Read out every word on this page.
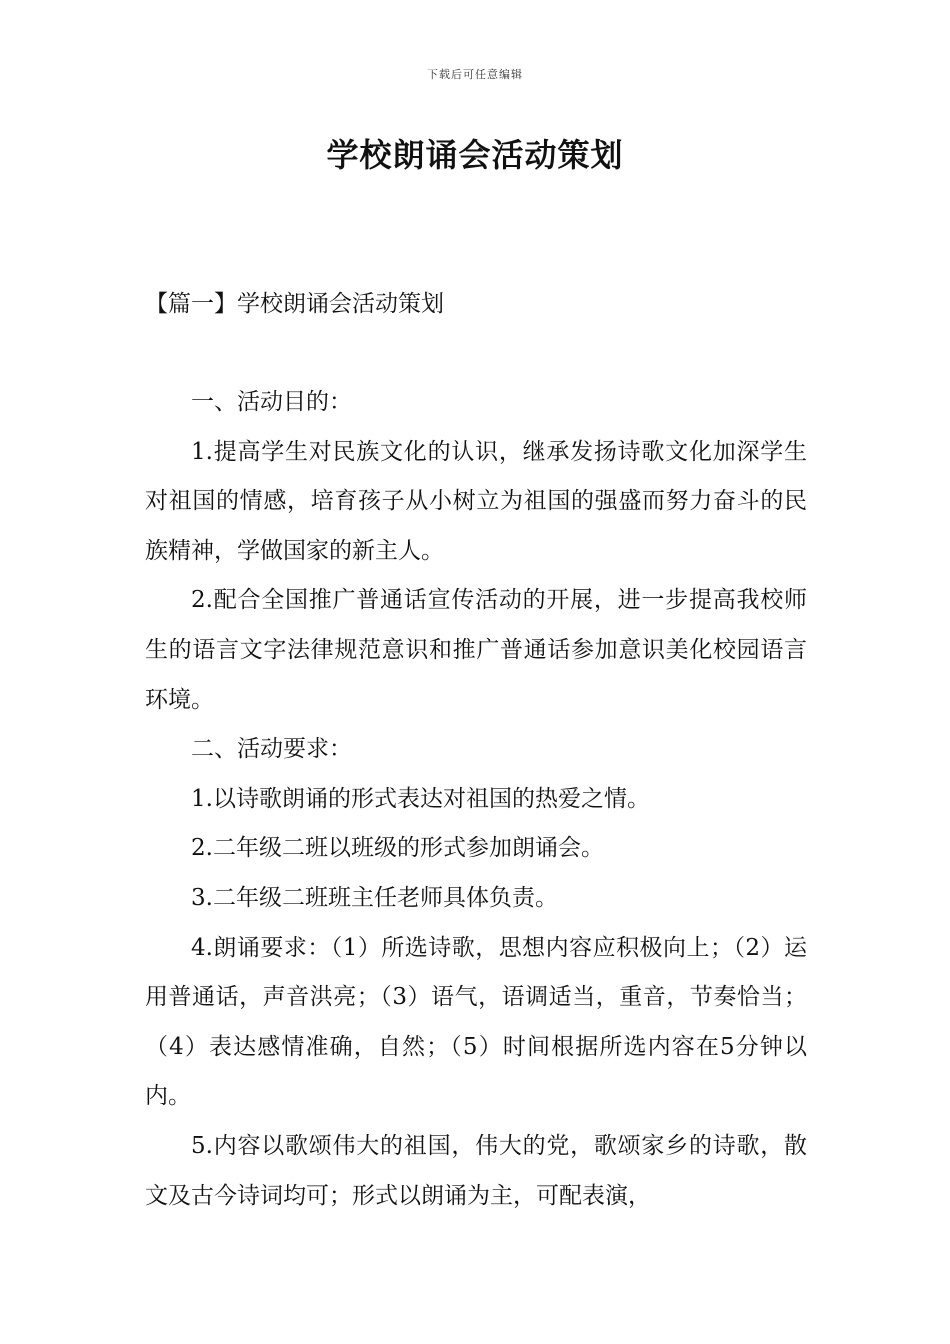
下载后可任意编辑
学校朗诵会活动策划
【篇一】学校朗诵会活动策划

一、活动目的：

1.提高学生对民族文化的认识，继承发扬诗歌文化加深学生对祖国的情感，培育孩子从小树立为祖国的强盛而努力奋斗的民族精神，学做国家的新主人。

2.配合全国推广普通话宣传活动的开展，进一步提高我校师生的语言文字法律规范意识和推广普通话参加意识美化校园语言环境。

二、活动要求：

1.以诗歌朗诵的形式表达对祖国的热爱之情。

2.二年级二班以班级的形式参加朗诵会。

3.二年级二班班主任老师具体负责。

4.朗诵要求：（1）所选诗歌，思想内容应积极向上；（2）运用普通话，声音洪亮；（3）语气，语调适当，重音，节奏恰当；（4）表达感情准确，自然；（5）时间根据所选内容在5分钟以内。

5.内容以歌颂伟大的祖国，伟大的党，歌颂家乡的诗歌，散文及古今诗词均可；形式以朗诵为主，可配表演，
